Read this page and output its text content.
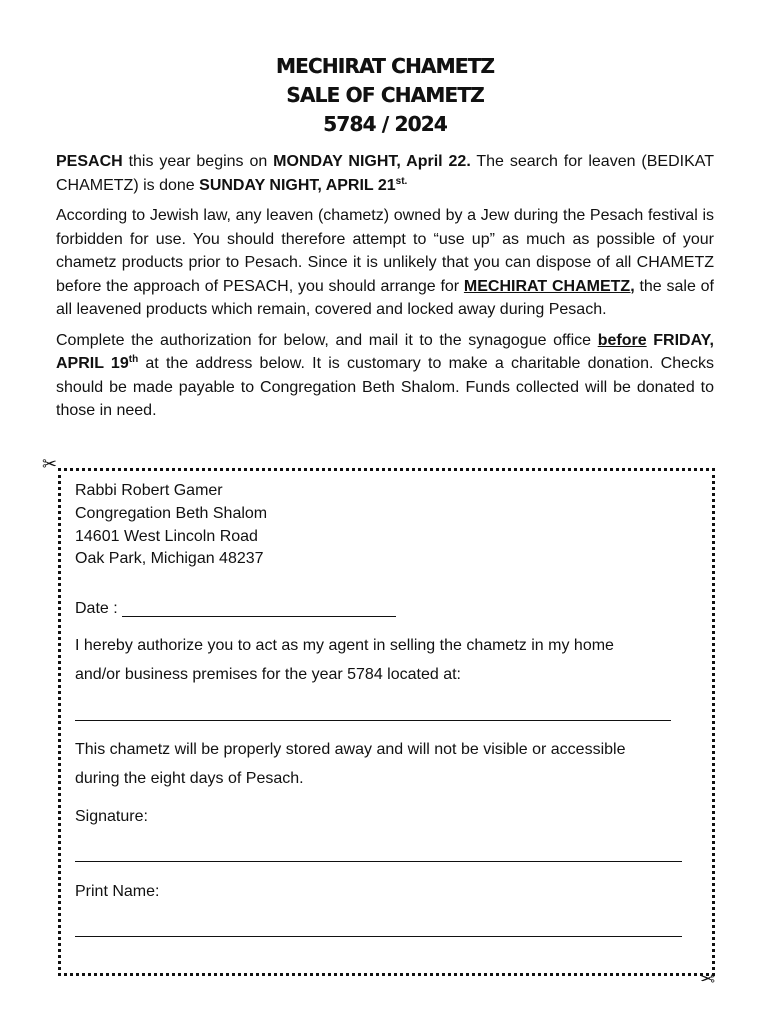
MECHIRAT CHAMETZ
SALE OF CHAMETZ
5784 / 2024

PESACH this year begins on MONDAY NIGHT, April 22. The search for leaven (BEDIKAT CHAMETZ) is done SUNDAY NIGHT, APRIL $21^{st.}$

According to Jewish law, any leaven (chametz) owned by a Jew during the Pesach festival is forbidden for use. You should therefore attempt to “use up” as much as possible of your chametz products prior to Pesach. Since it is unlikely that you can dispose of all CHAMETZ before the approach of PESACH, you should arrange for MECHIRAT CHAMETZ, the sale of all leavened products which remain, covered and locked away during Pesach.

Complete the authorization for below, and mail it to the synagogue office before FRIDAY, APRIL 19th at the address below. It is customary to make a charitable donation. Checks should be made payable to Congregation Beth Shalom. Funds collected will be donated to those in need.

✂
✂
Rabbi Robert Gamer
Congregation Beth Shalom
14601 West Lincoln Road
Oak Park, Michigan 48237
Date :
I hereby authorize you to act as my agent in selling the chametz in my home
and/or business premises for the year 5784 located at:
This chametz will be properly stored away and will not be visible or accessible
during the eight days of Pesach.
Signature:
Print Name:
